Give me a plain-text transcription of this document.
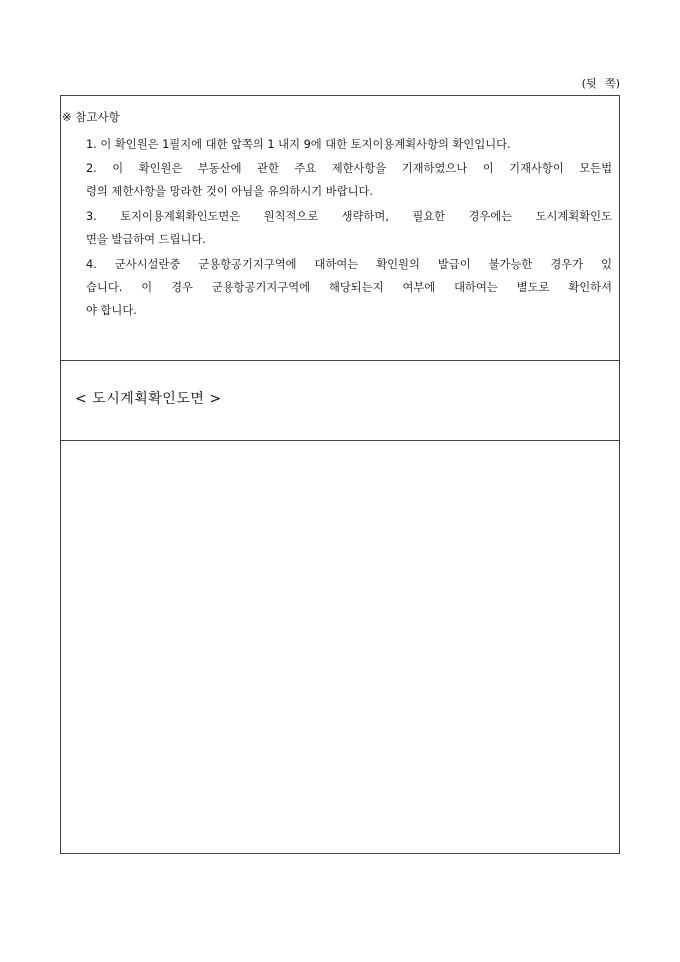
(뒷 쪽)
※ 참고사항
1. 이 확인원은 1필지에 대한 앞쪽의 1 내지 9에 대한 토지이용계획사항의 확인입니다.
2. 이 확인원은 부동산에 관한 주요 제한사항을 기재하였으나 이 기재사항이 모든법
령의 제한사항을 망라한 것이 아님을 유의하시기 바랍니다.
3. 토지이용계획확인도면은 원칙적으로 생략하며, 필요한 경우에는 도시계획확인도
면을 발급하여 드립니다.
4. 군사시설란중 군용항공기지구역에 대하여는 확인원의 발급이 불가능한 경우가 있
습니다. 이 경우 군용항공기지구역에 해당되는지 여부에 대하여는 별도로 확인하셔
야 합니다.
< 도시계획확인도면 >
